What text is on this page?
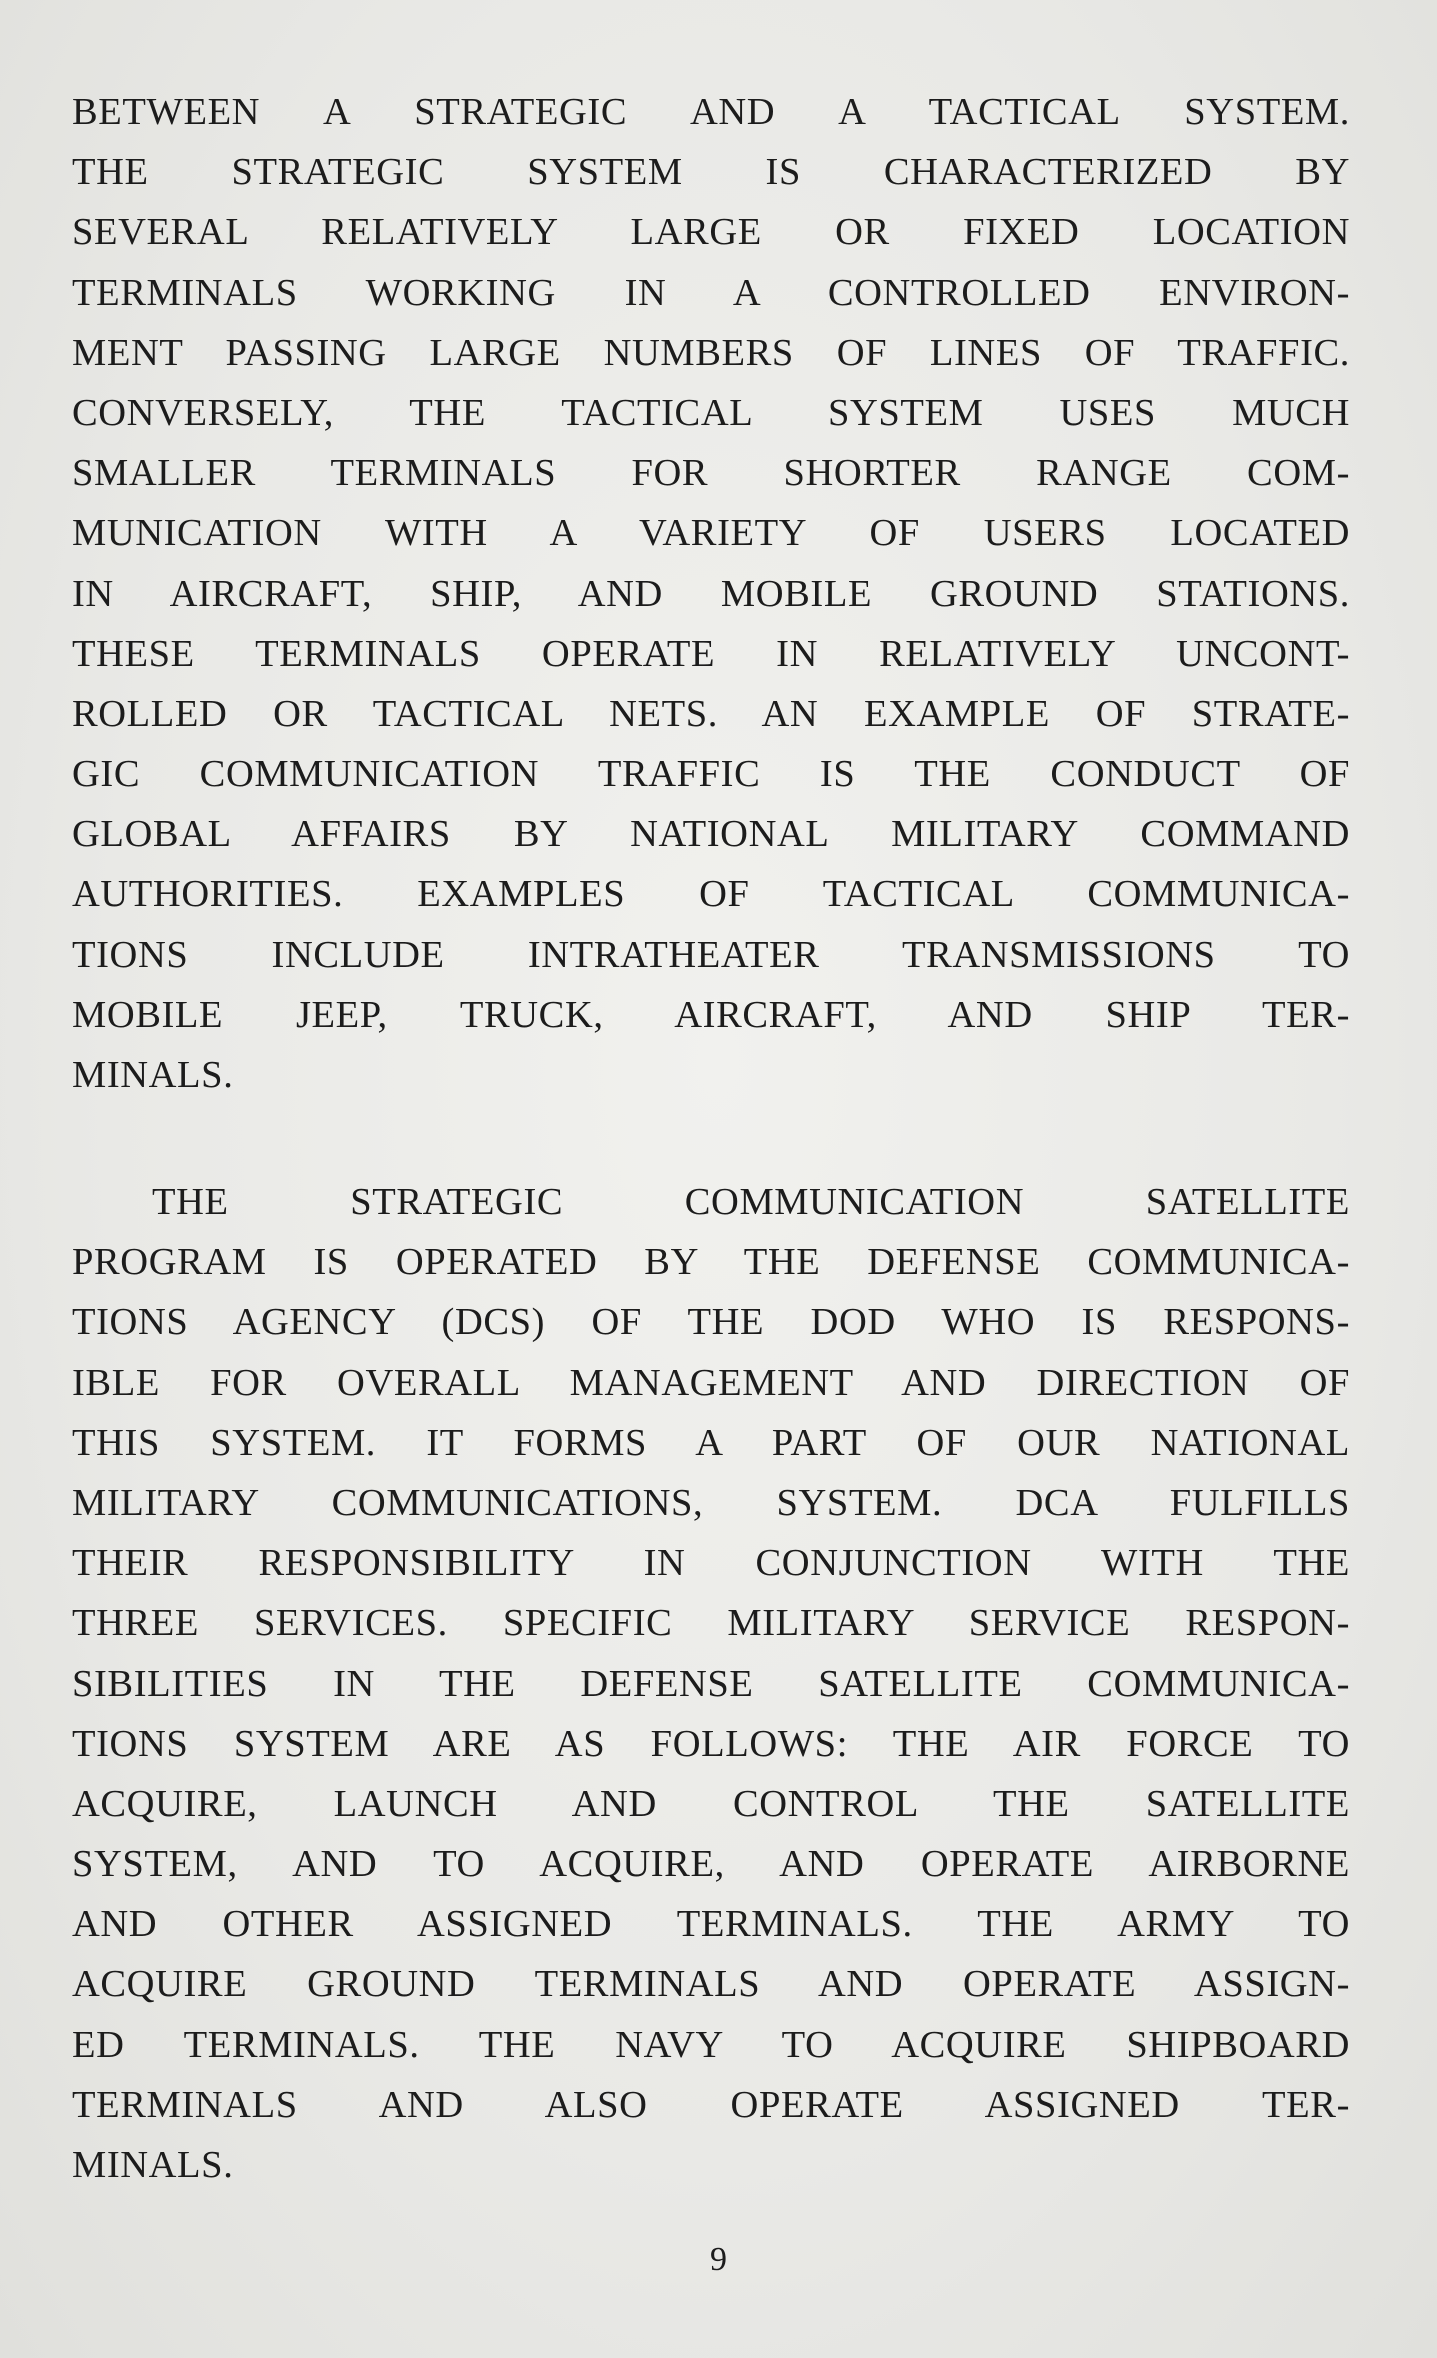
BETWEEN A STRATEGIC AND A TACTICAL SYSTEM.
THE STRATEGIC SYSTEM IS CHARACTERIZED BY
SEVERAL RELATIVELY LARGE OR FIXED LOCATION
TERMINALS WORKING IN A CONTROLLED ENVIRON-
MENT PASSING LARGE NUMBERS OF LINES OF TRAFFIC.
CONVERSELY, THE TACTICAL SYSTEM USES MUCH
SMALLER TERMINALS FOR SHORTER RANGE COM-
MUNICATION WITH A VARIETY OF USERS LOCATED
IN AIRCRAFT, SHIP, AND MOBILE GROUND STATIONS.
THESE TERMINALS OPERATE IN RELATIVELY UNCONT-
ROLLED OR TACTICAL NETS. AN EXAMPLE OF STRATE-
GIC COMMUNICATION TRAFFIC IS THE CONDUCT OF
GLOBAL AFFAIRS BY NATIONAL MILITARY COMMAND
AUTHORITIES. EXAMPLES OF TACTICAL COMMUNICA-
TIONS INCLUDE INTRATHEATER TRANSMISSIONS TO
MOBILE JEEP, TRUCK, AIRCRAFT, AND SHIP TER-
MINALS.
THE STRATEGIC COMMUNICATION SATELLITE
PROGRAM IS OPERATED BY THE DEFENSE COMMUNICA-
TIONS AGENCY (DCS) OF THE DOD WHO IS RESPONS-
IBLE FOR OVERALL MANAGEMENT AND DIRECTION OF
THIS SYSTEM. IT FORMS A PART OF OUR NATIONAL
MILITARY COMMUNICATIONS, SYSTEM. DCA FULFILLS
THEIR RESPONSIBILITY IN CONJUNCTION WITH THE
THREE SERVICES. SPECIFIC MILITARY SERVICE RESPON-
SIBILITIES IN THE DEFENSE SATELLITE COMMUNICA-
TIONS SYSTEM ARE AS FOLLOWS: THE AIR FORCE TO
ACQUIRE, LAUNCH AND CONTROL THE SATELLITE
SYSTEM, AND TO ACQUIRE, AND OPERATE AIRBORNE
AND OTHER ASSIGNED TERMINALS. THE ARMY TO
ACQUIRE GROUND TERMINALS AND OPERATE ASSIGN-
ED TERMINALS. THE NAVY TO ACQUIRE SHIPBOARD
TERMINALS AND ALSO OPERATE ASSIGNED TER-
MINALS.
9
